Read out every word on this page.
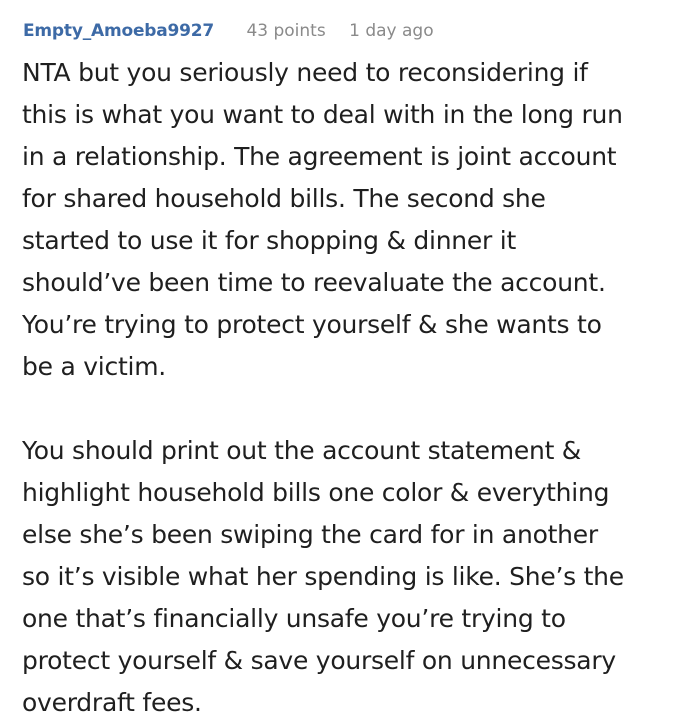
Empty_Amoeba9927 43 points 1 day ago
NTA but you seriously need to reconsidering if
this is what you want to deal with in the long run
in a relationship. The agreement is joint account
for shared household bills. The second she
started to use it for shopping & dinner it
should’ve been time to reevaluate the account.
You’re trying to protect yourself & she wants to
be a victim.
You should print out the account statement &
highlight household bills one color & everything
else she’s been swiping the card for in another
so it’s visible what her spending is like. She’s the
one that’s financially unsafe you’re trying to
protect yourself & save yourself on unnecessary
overdraft fees.
